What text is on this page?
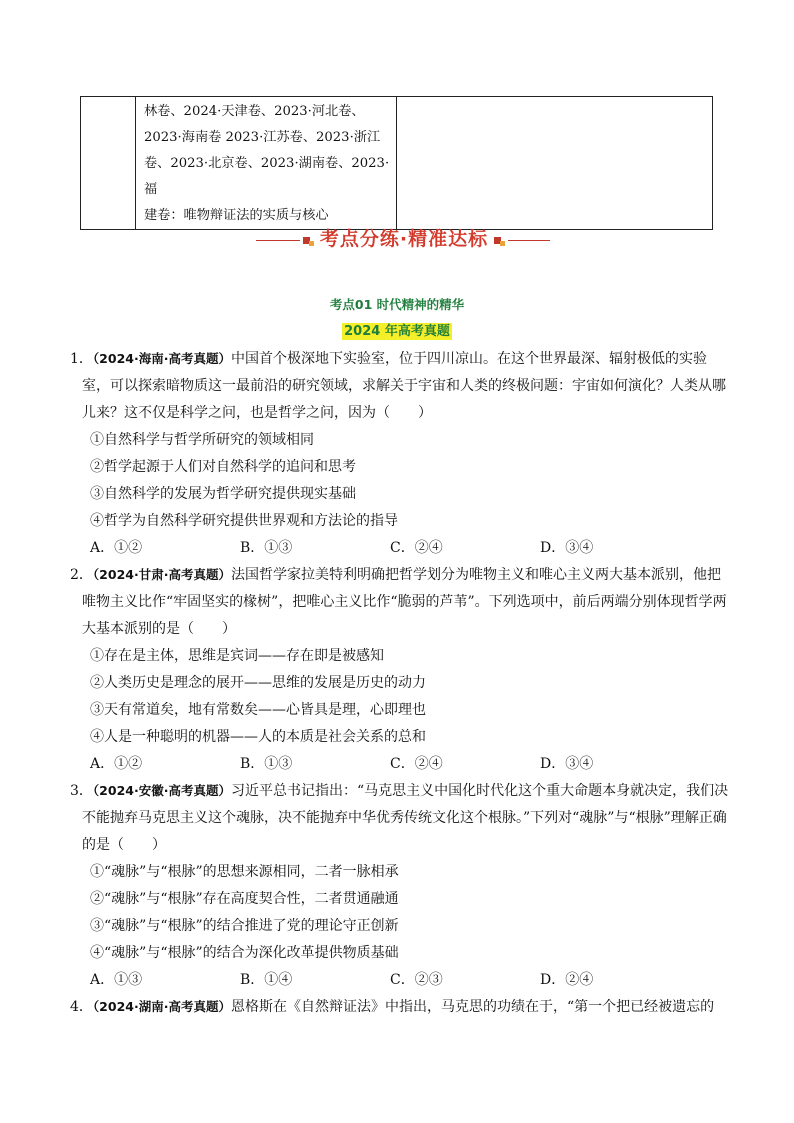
林卷、2024·天津卷、2023·河北卷、
2023·海南卷 2023·江苏卷、2023·浙江
卷、2023·北京卷、2023·湖南卷、2023·福
建卷：唯物辩证法的实质与核心

考点分练·精准达标
考点01 时代精神的精华
2024 年高考真题
1．（2024·海南·高考真题）中国首个极深地下实验室，位于四川凉山。在这个世界最深、辐射极低的实验室，可以探索暗物质这一最前沿的研究领域，求解关于宇宙和人类的终极问题：宇宙如何演化？人类从哪儿来？这不仅是科学之问，也是哲学之问，因为（　　）
①自然科学与哲学所研究的领域相同
②哲学起源于人们对自然科学的追问和思考
③自然科学的发展为哲学研究提供现实基础
④哲学为自然科学研究提供世界观和方法论的指导
A．①②	B．①③	C．②④	D．③④
2．（2024·甘肃·高考真题）法国哲学家拉美特利明确把哲学划分为唯物主义和唯心主义两大基本派别，他把唯物主义比作“牢固坚实的椽树”，把唯心主义比作“脆弱的芦苇”。下列选项中，前后两端分别体现哲学两大基本派别的是（　　）
①存在是主体，思维是宾词——存在即是被感知
②人类历史是理念的展开——思维的发展是历史的动力
③天有常道矣，地有常数矣——心皆具是理，心即理也
④人是一种聪明的机器——人的本质是社会关系的总和
A．①②	B．①③	C．②④	D．③④
3．（2024·安徽·高考真题）习近平总书记指出：“马克思主义中国化时代化这个重大命题本身就决定，我们决不能抛弃马克思主义这个魂脉，决不能抛弃中华优秀传统文化这个根脉。”下列对“魂脉”与“根脉”理解正确的是（　　）
①“魂脉”与“根脉”的思想来源相同，二者一脉相承
②“魂脉”与“根脉”存在高度契合性，二者贯通融通
③“魂脉”与“根脉”的结合推进了党的理论守正创新
④“魂脉”与“根脉”的结合为深化改革提供物质基础
A．①③	B．①④	C．②③	D．②④
4．（2024·湖南·高考真题）恩格斯在《自然辩证法》中指出，马克思的功绩在于，“第一个把已经被遗忘的
